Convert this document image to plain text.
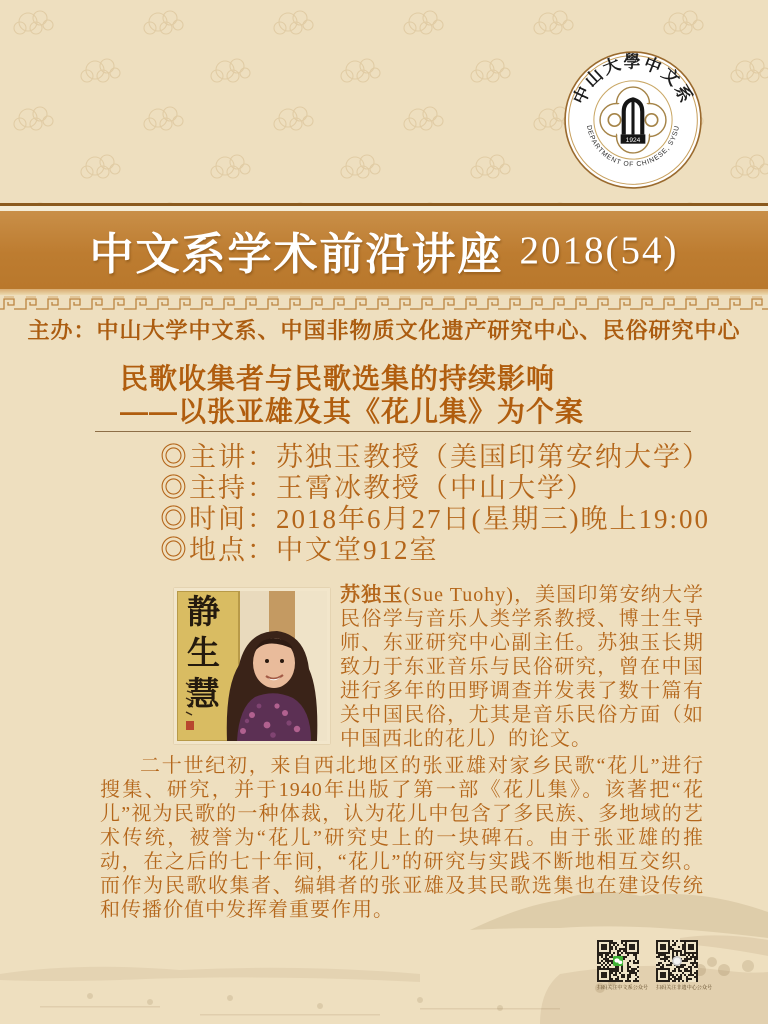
中山大學中文系
DEPARTMENT OF CHINESE, SYSU
1924
中文系学术前沿讲座 2018(54)
主办：中山大学中文系、中国非物质文化遗产研究中心、民俗研究中心
民歌收集者与民歌选集的持续影响
——以张亚雄及其《花儿集》为个案
◎主讲：苏独玉教授（美国印第安纳大学）
◎主持：王霄冰教授（中山大学）
◎时间：2018年6月27日(星期三)晚上19:00
◎地点：中文堂912室
静生慧	苏独玉(Sue Tuohy)，美国印第安纳大学民俗学与音乐人类学系教授、博士生导师、东亚研究中心副主任。苏独玉长期致力于东亚音乐与民俗研究，曾在中国进行多年的田野调查并发表了数十篇有关中国民俗，尤其是音乐民俗方面（如中国西北的花儿）的论文。

二十世纪初，来自西北地区的张亚雄对家乡民歌“花儿”进行搜集、研究，并于1940年出版了第一部《花儿集》。该著把“花儿”视为民歌的一种体裁，认为花儿中包含了多民族、多地域的艺术传统，被誉为“花儿”研究史上的一块碑石。由于张亚雄的推动，在之后的七十年间，“花儿”的研究与实践不断地相互交织。而作为民歌收集者、编辑者的张亚雄及其民歌选集也在建设传统和传播价值中发挥着重要作用。

扫码关注中文系公众号 扫码关注非遗中心公众号
